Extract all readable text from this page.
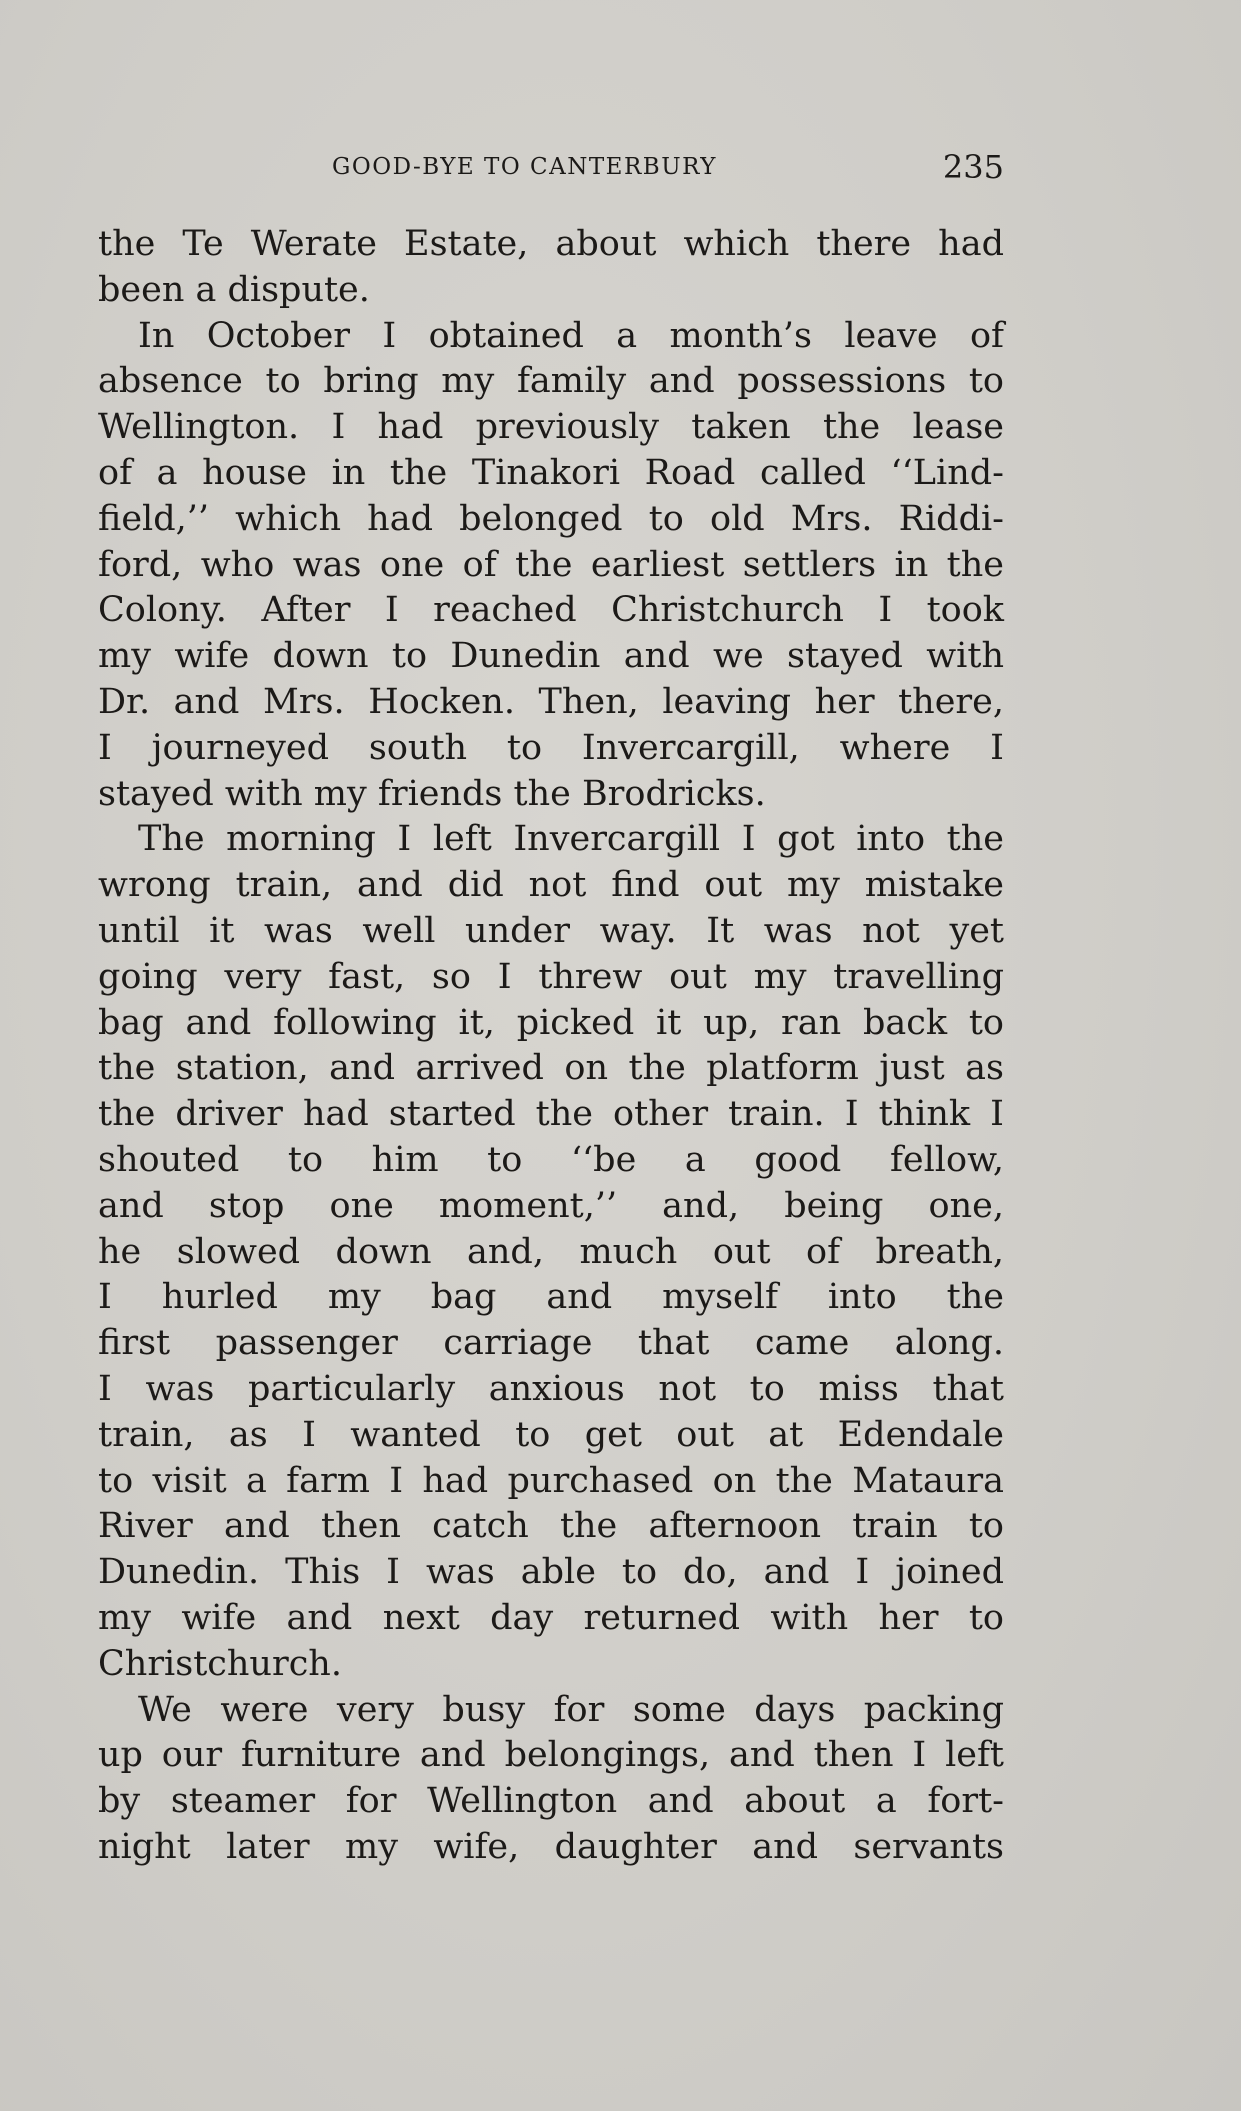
GOOD-BYE TO CANTERBURY	235
the Te Werate Estate, about which there had
been a dispute.
In October I obtained a month’s leave of
absence to bring my family and possessions to
Wellington. I had previously taken the lease
of a house in the Tinakori Road called ‘‘Lind-
field,’’ which had belonged to old Mrs. Riddi-
ford, who was one of the earliest settlers in the
Colony. After I reached Christchurch I took
my wife down to Dunedin and we stayed with
Dr. and Mrs. Hocken. Then, leaving her there,
I journeyed south to Invercargill, where I
stayed with my friends the Brodricks.
The morning I left Invercargill I got into the
wrong train, and did not find out my mistake
until it was well under way. It was not yet
going very fast, so I threw out my travelling
bag and following it, picked it up, ran back to
the station, and arrived on the platform just as
the driver had started the other train. I think I
shouted to him to ‘‘be a good fellow,
and stop one moment,’’ and, being one,
he slowed down and, much out of breath,
I hurled my bag and myself into the
first passenger carriage that came along.
I was particularly anxious not to miss that
train, as I wanted to get out at Edendale
to visit a farm I had purchased on the Mataura
River and then catch the afternoon train to
Dunedin. This I was able to do, and I joined
my wife and next day returned with her to
Christchurch.
We were very busy for some days packing
up our furniture and belongings, and then I left
by steamer for Wellington and about a fort-
night later my wife, daughter and servants
